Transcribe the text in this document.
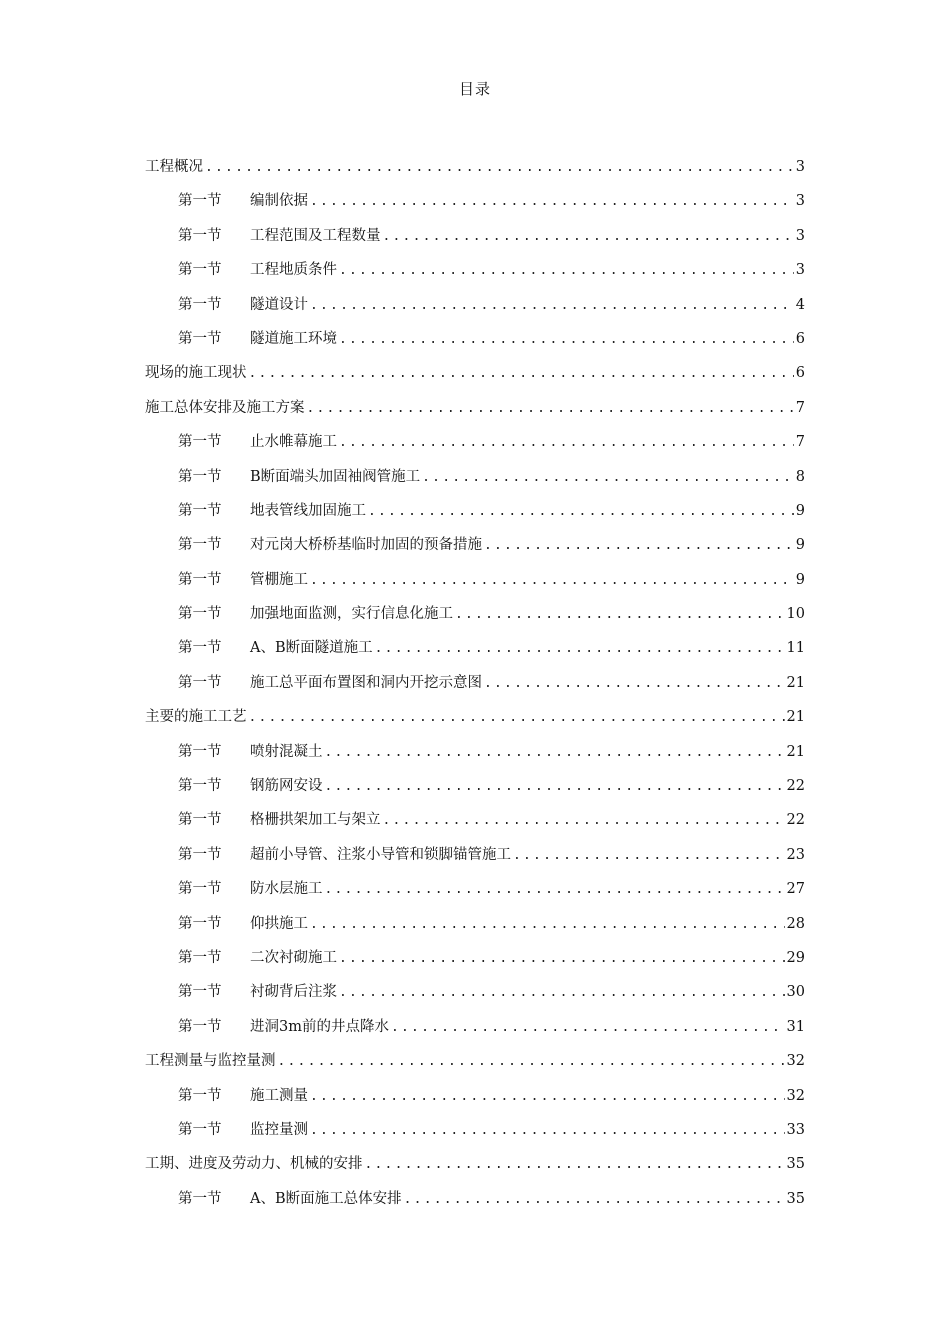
目录
工程概况 .....	3
第一节	编制依据 .....	3
第一节	工程范围及工程数量 .....	3
第一节	工程地质条件 .....	3
第一节	隧道设计 .....	4
第一节	隧道施工环境 .....	6
现场的施工现状 .....	6
施工总体安排及施工方案 .....	7
第一节	止水帷幕施工 .....	7
第一节	B断面端头加固袖阀管施工 .....	8
第一节	地表管线加固施工 .....	9
第一节	对元岗大桥桥基临时加固的预备措施 .....	9
第一节	管棚施工 .....	9
第一节	加强地面监测，实行信息化施工 .....	10
第一节	A、B断面隧道施工 .....	11
第一节	施工总平面布置图和洞内开挖示意图 .....	21
主要的施工工艺 .....	21
第一节	喷射混凝土 .....	21
第一节	钢筋网安设 .....	22
第一节	格栅拱架加工与架立 .....	22
第一节	超前小导管、注浆小导管和锁脚锚管施工 .....	23
第一节	防水层施工 .....	27
第一节	仰拱施工 .....	28
第一节	二次衬砌施工 .....	29
第一节	衬砌背后注浆 .....	30
第一节	进洞3m前的井点降水 .....	31
工程测量与监控量测 .....	32
第一节	施工测量 .....	32
第一节	监控量测 .....	33
工期、进度及劳动力、机械的安排 .....	35
第一节	A、B断面施工总体安排 .....	35
